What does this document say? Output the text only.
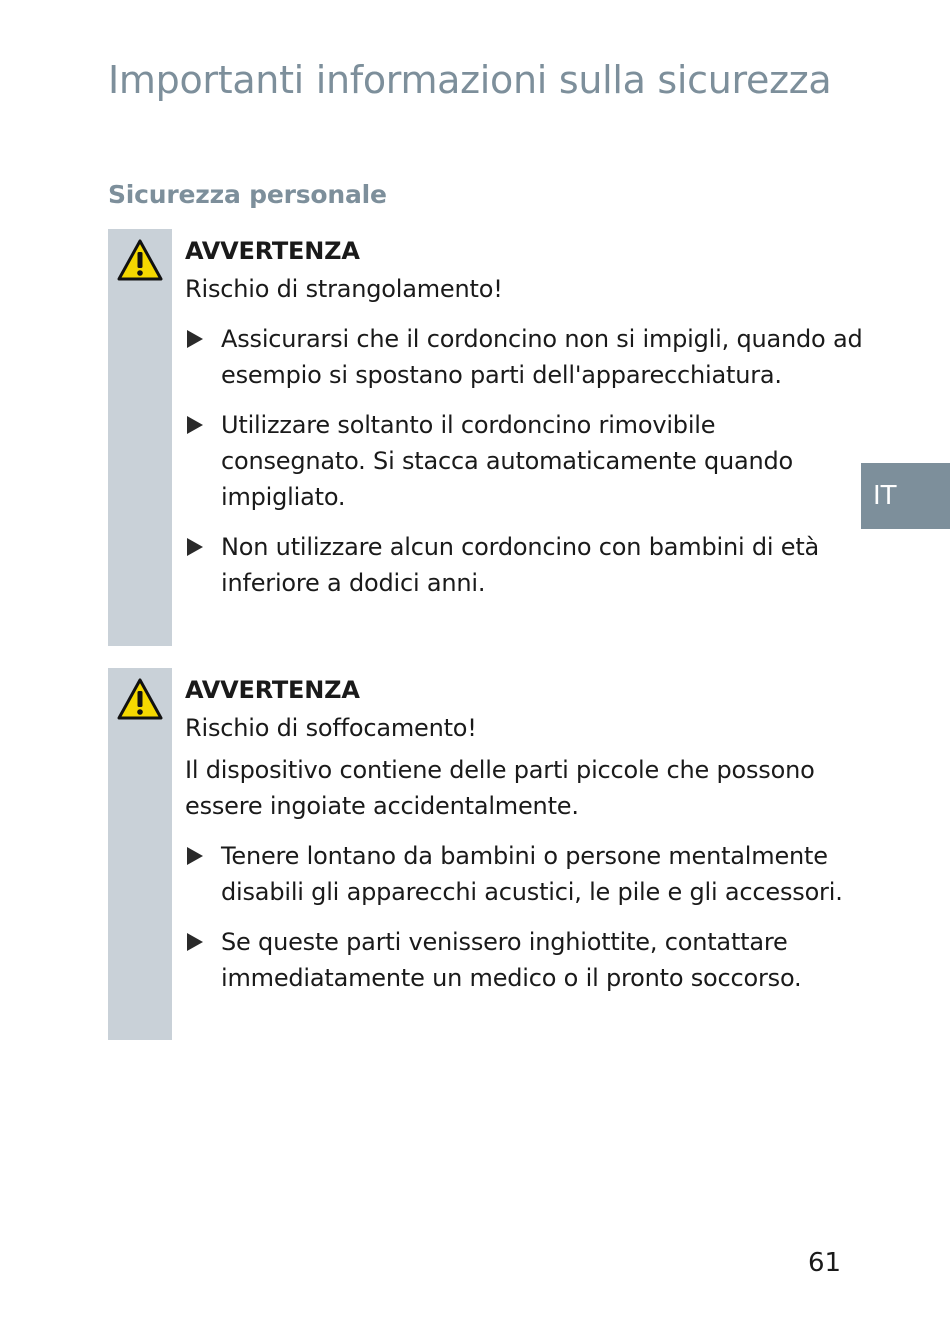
Importanti informazioni sulla sicurezza
Sicurezza personale
AVVERTENZA
Rischio di strangolamento!
Assicurarsi che il cordoncino non si impigli, quando ad esempio si spostano parti dell'apparecchiatura.
Utilizzare soltanto il cordoncino rimovibile consegnato. Si stacca automaticamente quando impigliato.
Non utilizzare alcun cordoncino con bambini di età inferiore a dodici anni.
AVVERTENZA
Rischio di soffocamento!
Il dispositivo contiene delle parti piccole che possono essere ingoiate accidentalmente.
Tenere lontano da bambini o persone mentalmente disabili gli apparecchi acustici, le pile e gli accessori.
Se queste parti venissero inghiottite, contattare immediatamente un medico o il pronto soccorso.
IT
61
